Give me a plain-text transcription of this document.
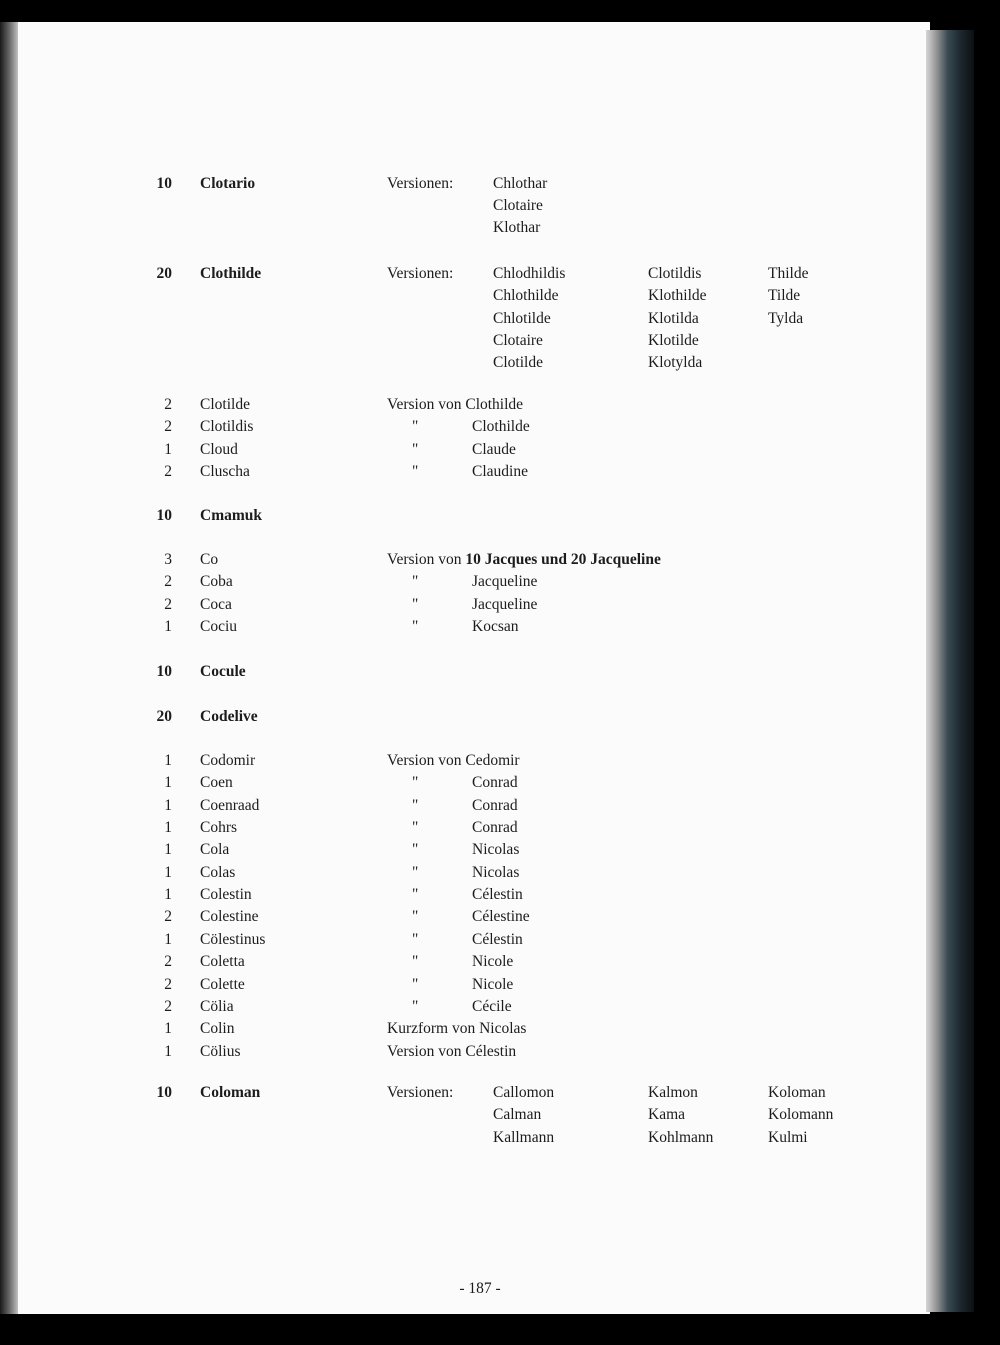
10 Clotario	Versionen:	Chlothar
Clotaire
Klothar
20 Clothilde	Versionen:	Chlodhildis	Clotildis	Thilde
Chlothilde	Klothilde	Tilde
Chlotilde	Klotilda	Tylda
Clotaire	Klotilde
Clotilde	Klotylda
2 Clotilde	Version von Clothilde
2 Clotildis	"	Clothilde
1 Cloud	"	Claude
2 Cluscha	"	Claudine
10 Cmamuk
3 Co	Version von 10 Jacques und 20 Jacqueline
2 Coba	"	Jacqueline
2 Coca	"	Jacqueline
1 Cociu	"	Kocsan
10 Cocule
20 Codelive
1 Codomir	Version von Cedomir
1 Coen	"	Conrad
1 Coenraad	"	Conrad
1 Cohrs	"	Conrad
1 Cola	"	Nicolas
1 Colas	"	Nicolas
1 Colestin	"	Célestin
2 Colestine	"	Célestine
1 Cölestinus	"	Célestin
2 Coletta	"	Nicole
2 Colette	"	Nicole
2 Cölia	"	Cécile
1 Colin	Kurzform von Nicolas
1 Cölius	Version von Célestin
10 Coloman	Versionen:	Callomon	Kalmon	Koloman
Calman	Kama	Kolomann
Kallmann	Kohlmann	Kulmi
- 187 -
